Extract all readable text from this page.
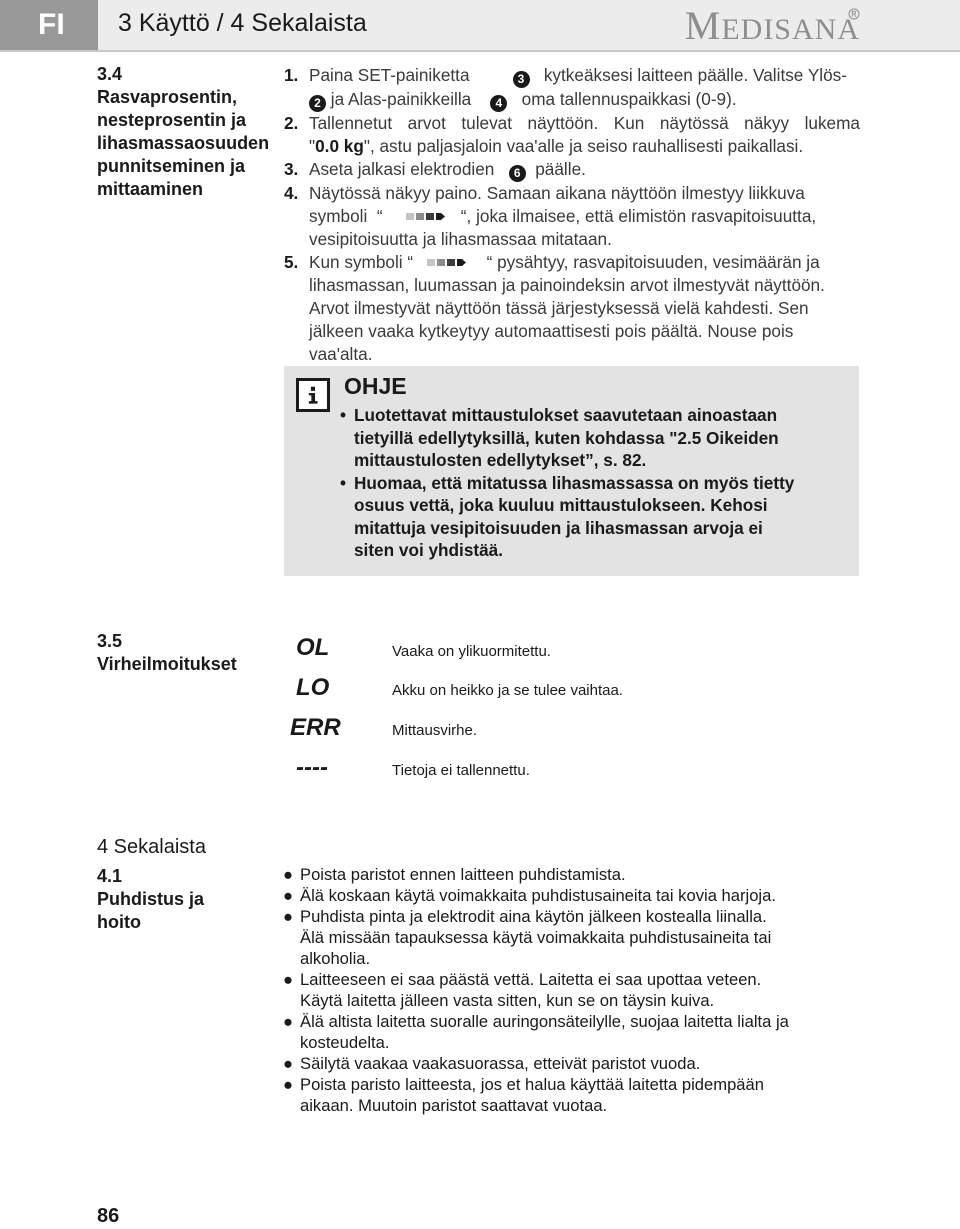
FI	3 Käyttö / 4 Sekalaista	MEDISANA
3.4
Rasvaprosentin,
nesteprosentin ja
lihasmassaosuuden
punnitseminen ja
mittaaminen
1. Paina SET-painiketta	3 kytkeäksesi laitteen päälle. Valitse Ylös-
2 ja Alas-painikkeilla 4 oma tallennuspaikkasi (0-9).
2. Tallennetut arvot tulevat näyttöön. Kun näytössä näkyy lukema
"0.0 kg", astu paljasjaloin vaa'alle ja seiso rauhallisesti paikallasi.
3. Aseta jalkasi elektrodien 6 päälle.
4. Näytössä näkyy paino. Samaan aikana näyttöön ilmestyy liikkuva
symboli “	“, joka ilmaisee, että elimistön rasvapitoisuutta,
vesipitoisuutta ja lihasmassaa mitataan.
5. Kun symboli “	“ pysähtyy, rasvapitoisuuden, vesimäärän ja
lihasmassan, luumassan ja painoindeksin arvot ilmestyvät näyttöön.
Arvot ilmestyvät näyttöön tässä järjestyksessä vielä kahdesti. Sen
jälkeen vaaka kytkeytyy automaattisesti pois päältä. Nouse pois
vaa'alta.
OHJE
• Luotettavat mittaustulokset saavutetaan ainoastaan
tietyillä edellytyksillä, kuten kohdassa "2.5 Oikeiden
mittaustulosten edellytykset”, s. 82.
• Huomaa, että mitatussa lihasmassassa on myös tietty
osuus vettä, joka kuuluu mittaustulokseen. Kehosi
mitattuja vesipitoisuuden ja lihasmassan arvoja ei
siten voi yhdistää.
3.5
Virheilmoitukset
OL	Vaaka on ylikuormitettu.
LO	Akku on heikko ja se tulee vaihtaa.
ERR	Mittausvirhe.
----	Tietoja ei tallennettu.
4 Sekalaista
4.1
Puhdistus ja
hoito
● Poista paristot ennen laitteen puhdistamista.
● Älä koskaan käytä voimakkaita puhdistusaineita tai kovia harjoja.
● Puhdista pinta ja elektrodit aina käytön jälkeen kostealla liinalla.
Älä missään tapauksessa käytä voimakkaita puhdistusaineita tai
alkoholia.
● Laitteeseen ei saa päästä vettä. Laitetta ei saa upottaa veteen.
Käytä laitetta jälleen vasta sitten, kun se on täysin kuiva.
● Älä altista laitetta suoralle auringonsäteilylle, suojaa laitetta lialta ja
kosteudelta.
● Säilytä vaakaa vaakasuorassa, etteivät paristot vuoda.
● Poista paristo laitteesta, jos et halua käyttää laitetta pidempään
aikaan. Muutoin paristot saattavat vuotaa.
86
